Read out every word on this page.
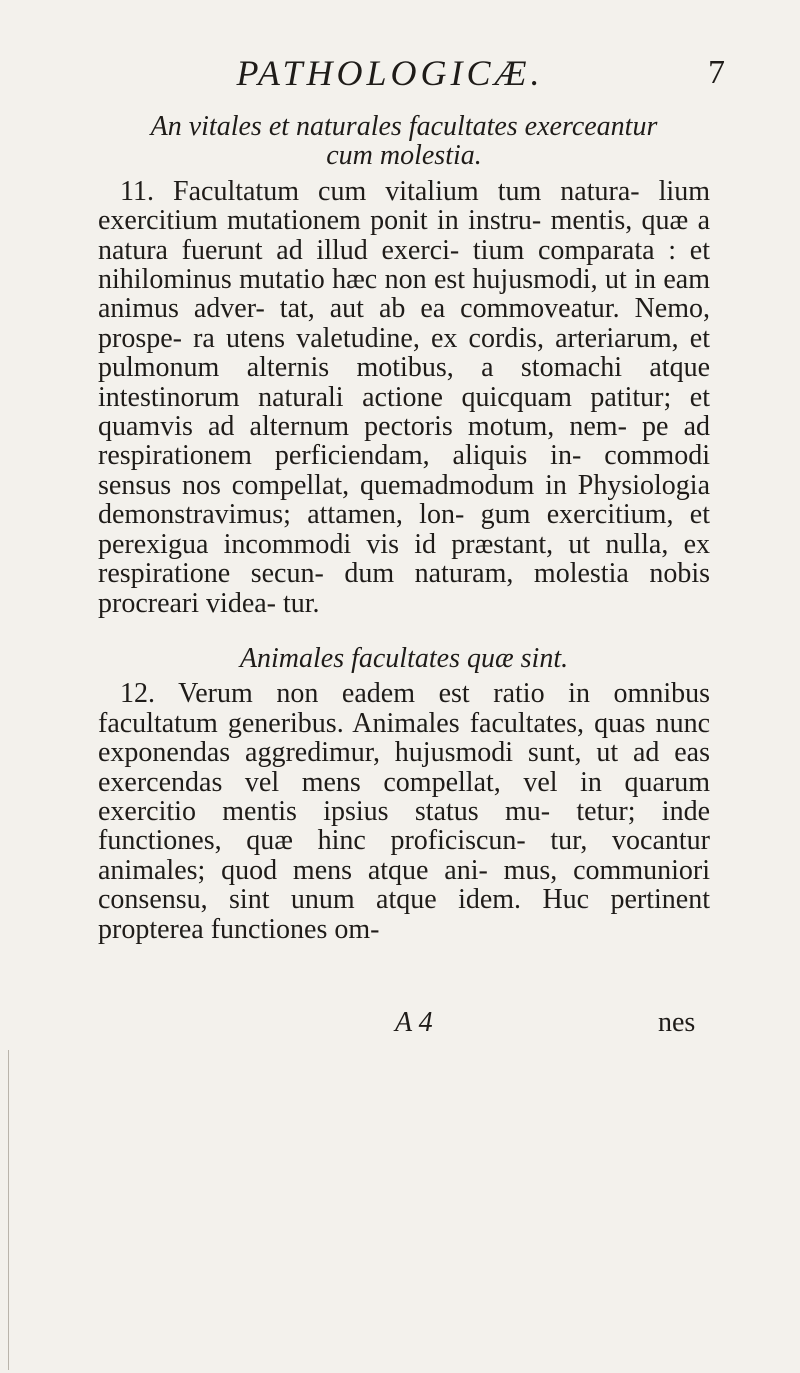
PATHOLOGICÆ.	7

An vitales et naturales facultates exerceantur

cum molestia.

11. Facultatum cum vitalium tum natura- lium exercitium mutationem ponit in instru- mentis, quæ a natura fuerunt ad illud exerci- tium comparata : et nihilominus mutatio hæc non est hujusmodi, ut in eam animus adver- tat, aut ab ea commoveatur. Nemo, prospe- ra utens valetudine, ex cordis, arteriarum, et pulmonum alternis motibus, a stomachi atque intestinorum naturali actione quicquam patitur; et quamvis ad alternum pectoris motum, nem- pe ad respirationem perficiendam, aliquis in- commodi sensus nos compellat, quemadmodum in Physiologia demonstravimus; attamen, lon- gum exercitium, et perexigua incommodi vis id præstant, ut nulla, ex respiratione secun- dum naturam, molestia nobis procreari videa- tur.

Animales facultates quæ sint.

12. Verum non eadem est ratio in omnibus facultatum generibus. Animales facultates, quas nunc exponendas aggredimur, hujusmodi sunt, ut ad eas exercendas vel mens compellat, vel in quarum exercitio mentis ipsius status mu- tetur; inde functiones, quæ hinc proficiscun- tur, vocantur animales; quod mens atque ani- mus, communiori consensu, sint unum atque idem. Huc pertinent propterea functiones om-

A 4	nes
